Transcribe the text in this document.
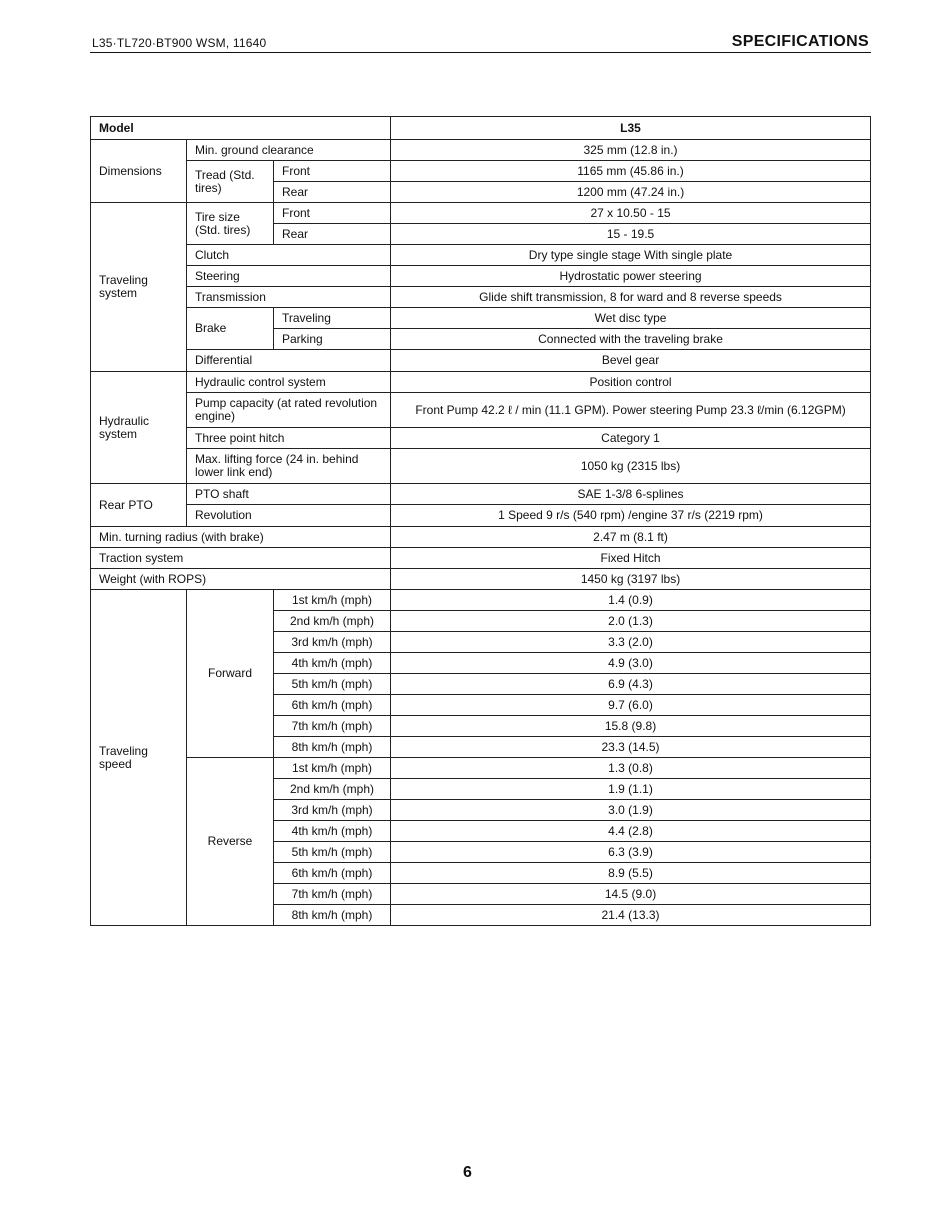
L35·TL720·BT900 WSM, 11640	SPECIFICATIONS
Model			L35
Dimensions	Min. ground clearance		325 mm (12.8 in.)
	Tread (Std. tires)	Front	1165 mm (45.86 in.)
		Rear	1200 mm (47.24 in.)
Traveling system	Tire size (Std. tires)	Front	27 x 10.50 - 15
		Rear	15 - 19.5
	Clutch		Dry type single stage With single plate
	Steering		Hydrostatic power steering
	Transmission		Glide shift transmission, 8 for ward and 8 reverse speeds
	Brake	Traveling	Wet disc type
		Parking	Connected with the traveling brake
	Differential		Bevel gear
Hydraulic system	Hydraulic control system		Position control
	Pump capacity (at rated revolution engine)		Front Pump 42.2 ℓ / min (11.1 GPM). Power steering Pump 23.3 ℓ/min (6.12GPM)
	Three point hitch		Category 1
	Max. lifting force (24 in. behind lower link end)		1050 kg (2315 lbs)
Rear PTO	PTO shaft		SAE 1-3/8 6-splines
	Revolution		1 Speed 9 r/s (540 rpm) /engine 37 r/s (2219 rpm)
Min. turning radius (with brake)			2.47 m (8.1 ft)
Traction system			Fixed Hitch
Weight (with ROPS)			1450 kg (3197 lbs)
Traveling speed	Forward	1st km/h (mph)	1.4 (0.9)
		2nd km/h (mph)	2.0 (1.3)
		3rd km/h (mph)	3.3 (2.0)
		4th km/h (mph)	4.9 (3.0)
		5th km/h (mph)	6.9 (4.3)
		6th km/h (mph)	9.7 (6.0)
		7th km/h (mph)	15.8 (9.8)
		8th km/h (mph)	23.3 (14.5)
	Reverse	1st km/h (mph)	1.3 (0.8)
		2nd km/h (mph)	1.9 (1.1)
		3rd km/h (mph)	3.0 (1.9)
		4th km/h (mph)	4.4 (2.8)
		5th km/h (mph)	6.3 (3.9)
		6th km/h (mph)	8.9 (5.5)
		7th km/h (mph)	14.5 (9.0)
		8th km/h (mph)	21.4 (13.3)
6
